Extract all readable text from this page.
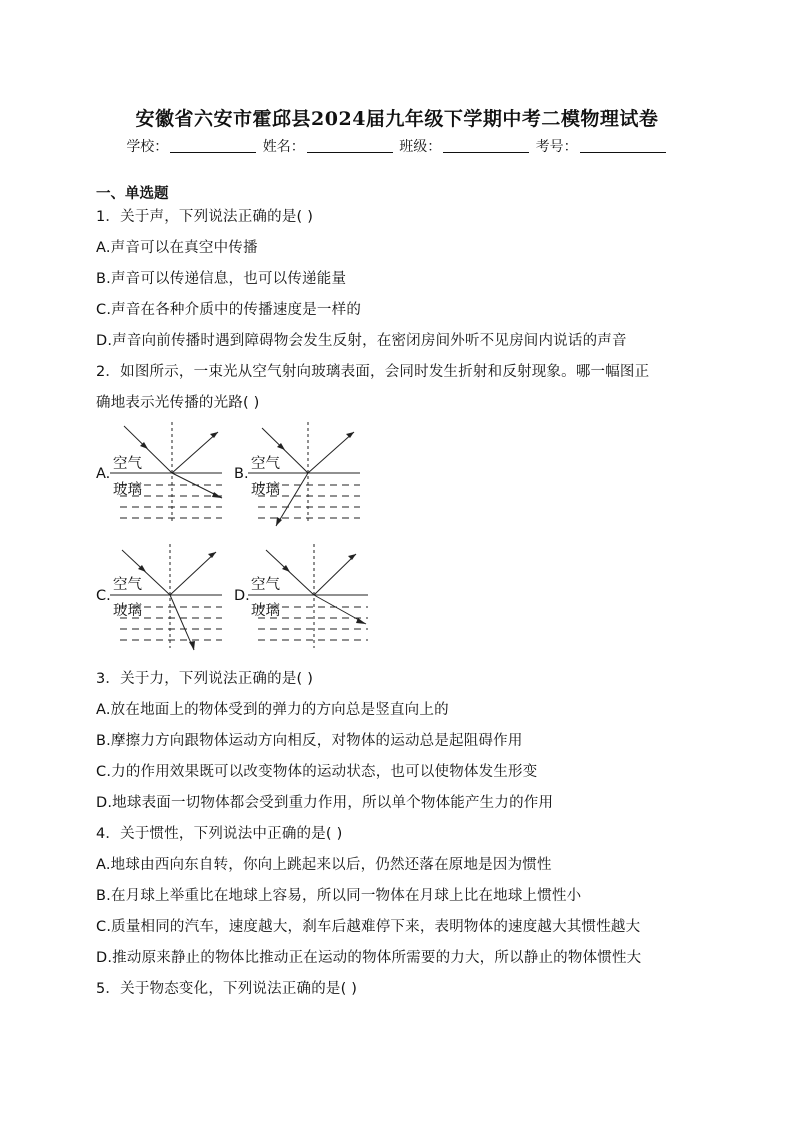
安徽省六安市霍邱县2024届九年级下学期中考二模物理试卷
学校：	姓名：	班级：	考号：
一、单选题
1．关于声，下列说法正确的是( )
A.声音可以在真空中传播
B.声音可以传递信息，也可以传递能量
C.声音在各种介质中的传播速度是一样的
D.声音向前传播时遇到障碍物会发生反射，在密闭房间外听不见房间内说话的声音
2．如图所示，一束光从空气射向玻璃表面，会同时发生折射和反射现象。哪一幅图正
确地表示光传播的光路( )
A.
空气
玻璃
B.
空气
玻璃
C.
空气
玻璃
D.
空气
玻璃
3．关于力，下列说法正确的是( )
A.放在地面上的物体受到的弹力的方向总是竖直向上的
B.摩擦力方向跟物体运动方向相反，对物体的运动总是起阻碍作用
C.力的作用效果既可以改变物体的运动状态，也可以使物体发生形变
D.地球表面一切物体都会受到重力作用，所以单个物体能产生力的作用
4．关于惯性，下列说法中正确的是( )
A.地球由西向东自转，你向上跳起来以后，仍然还落在原地是因为惯性
B.在月球上举重比在地球上容易，所以同一物体在月球上比在地球上惯性小
C.质量相同的汽车，速度越大，刹车后越难停下来，表明物体的速度越大其惯性越大
D.推动原来静止的物体比推动正在运动的物体所需要的力大，所以静止的物体惯性大
5．关于物态变化，下列说法正确的是( )
